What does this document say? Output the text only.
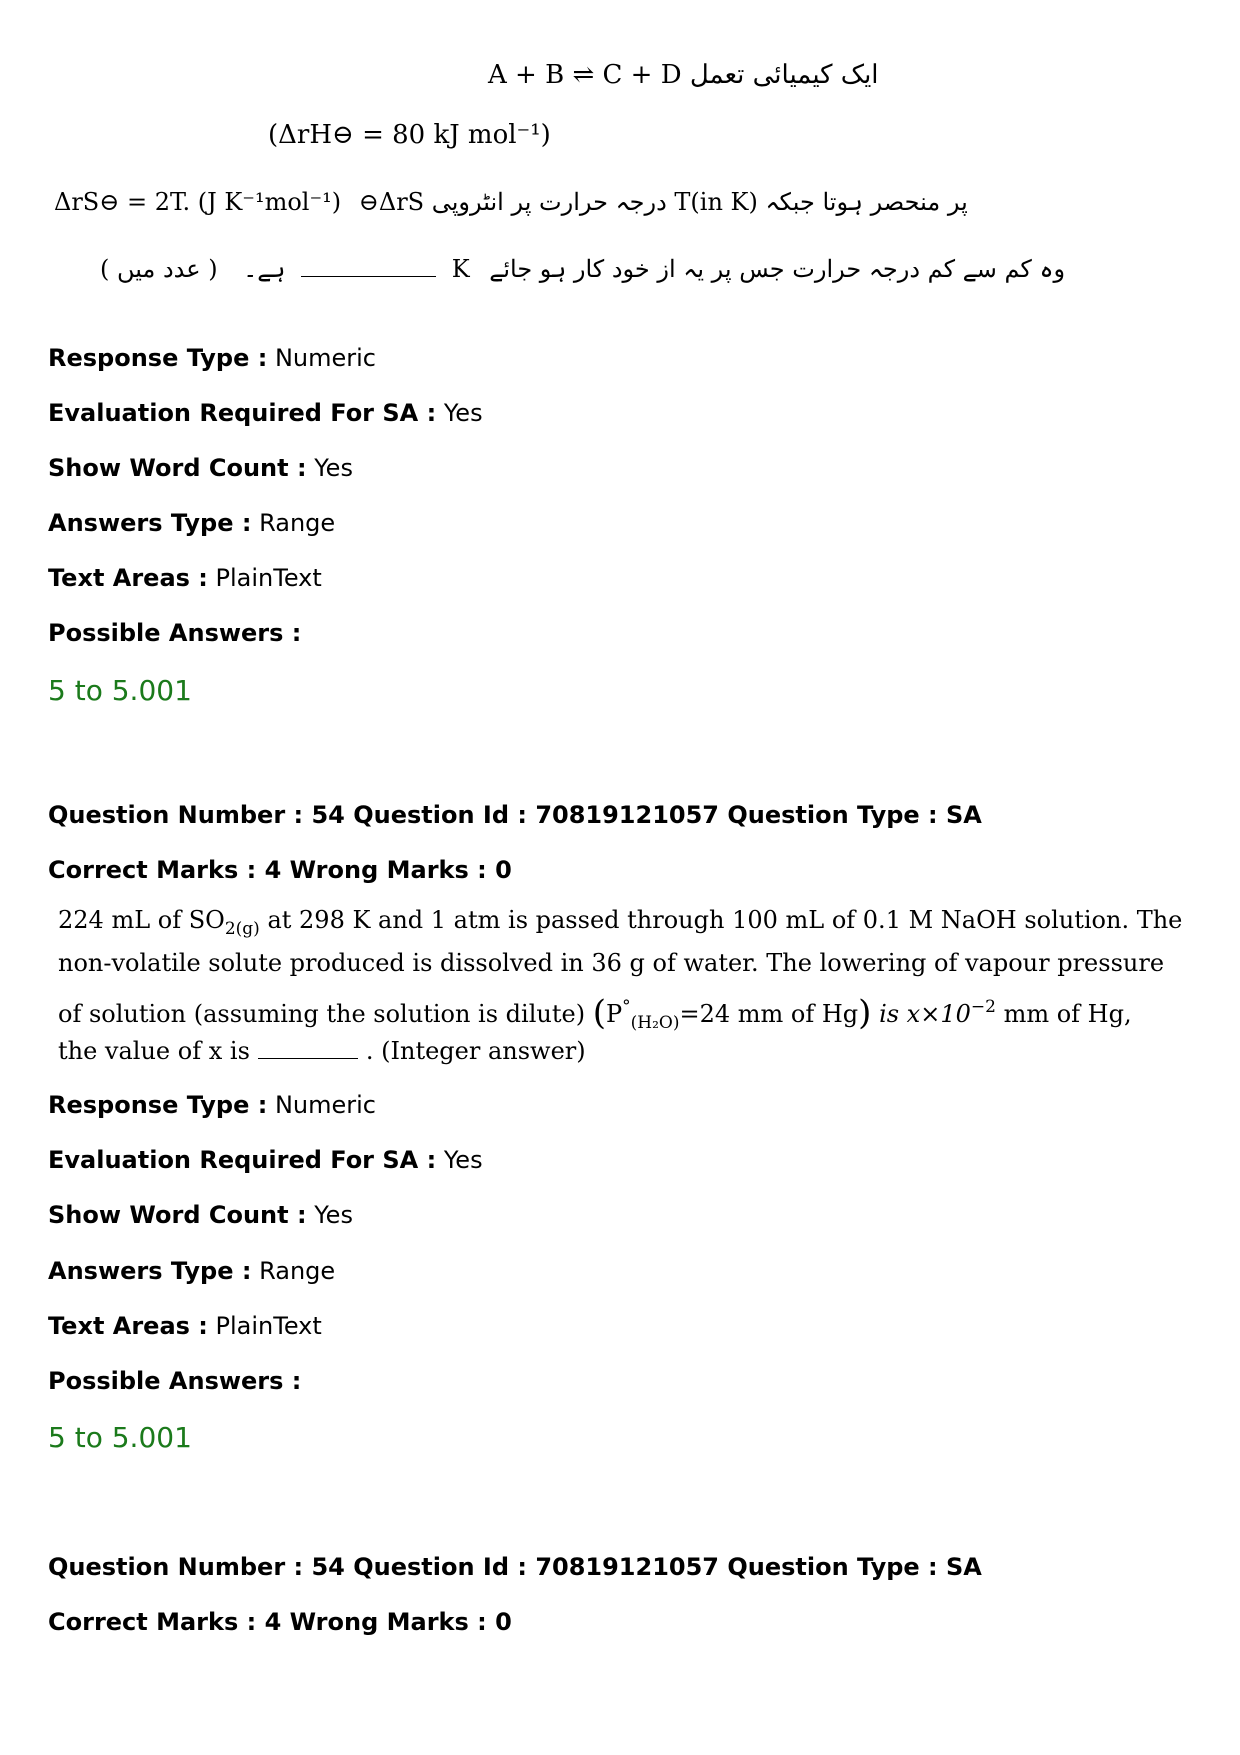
A + B ⇌ C + D ایک کیمیائی تعمل
(ΔrH⊖ = 80 kJ mol⁻¹)
ΔrS⊖ = 2T. (J K⁻¹mol⁻¹) پر منحصر ہوتا جبکہ T(in K) درجہ حرارت پر انٹروپی ΔrS⊖
( عدد میں ) ہے۔	K وہ کم سے کم درجہ حرارت جس پر یہ از خود کار ہو جائے
Response Type : Numeric
Evaluation Required For SA : Yes
Show Word Count : Yes
Answers Type : Range
Text Areas : PlainText
Possible Answers :
5 to 5.001
Question Number : 54 Question Id : 70819121057 Question Type : SA
Correct Marks : 4 Wrong Marks : 0
224 mL of $SO_{2(g)}$ at 298 K and 1 atm is passed through 100 mL of 0.1 M NaOH solution. The
non-volatile solute produced is dissolved in 36 g of water. The lowering of vapour pressure
of solution (assuming the solution is dilute) ($P^\circ_{(H_2O)}=24$ mm of Hg) is $x\times 10^{-2}$ mm of Hg,
the value of x is	. (Integer answer)
Response Type : Numeric
Evaluation Required For SA : Yes
Show Word Count : Yes
Answers Type : Range
Text Areas : PlainText
Possible Answers :
5 to 5.001
Question Number : 54 Question Id : 70819121057 Question Type : SA
Correct Marks : 4 Wrong Marks : 0
